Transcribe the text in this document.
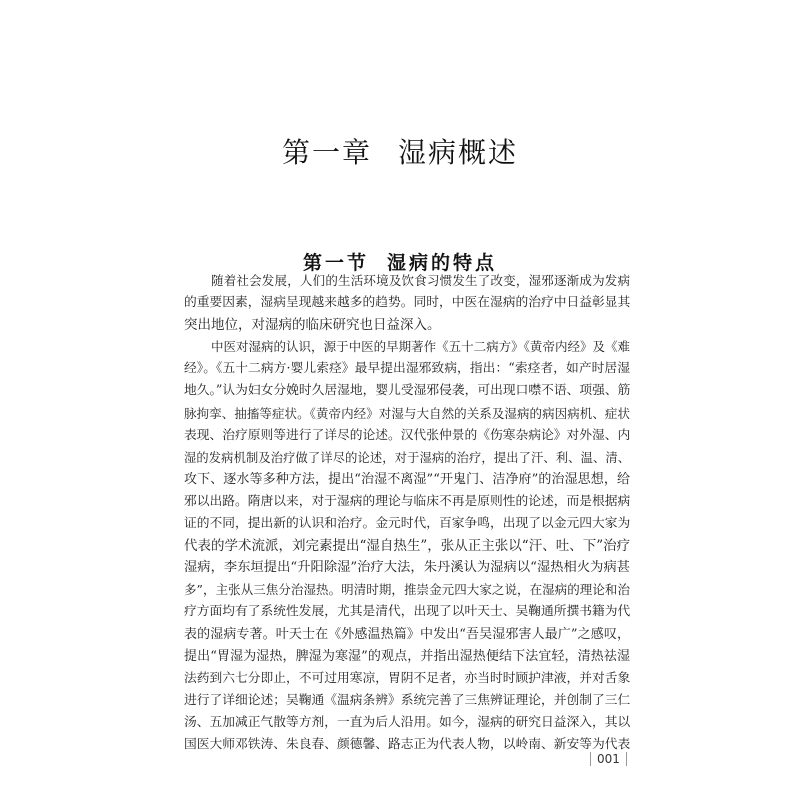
第一章 湿病概述
第一节 湿病的特点
随着社会发展，人们的生活环境及饮食习惯发生了改变，湿邪逐渐成为发病
的重要因素，湿病呈现越来越多的趋势。同时，中医在湿病的治疗中日益彰显其
突出地位，对湿病的临床研究也日益深入。
中医对湿病的认识，源于中医的早期著作《五十二病方》《黄帝内经》及《难
经》。《五十二病方·婴儿索痉》最早提出湿邪致病，指出：“索痉者，如产时居湿
地久。”认为妇女分娩时久居湿地，婴儿受湿邪侵袭，可出现口噤不语、项强、筋
脉拘挛、抽搐等症状。《黄帝内经》对湿与大自然的关系及湿病的病因病机、症状
表现、治疗原则等进行了详尽的论述。汉代张仲景的《伤寒杂病论》对外湿、内
湿的发病机制及治疗做了详尽的论述，对于湿病的治疗，提出了汗、利、温、清、
攻下、逐水等多种方法，提出“治湿不离湿”“开鬼门、洁净府”的治湿思想，给
邪以出路。隋唐以来，对于湿病的理论与临床不再是原则性的论述，而是根据病
证的不同，提出新的认识和治疗。金元时代，百家争鸣，出现了以金元四大家为
代表的学术流派，刘完素提出“湿自热生”，张从正主张以“汗、吐、下”治疗
湿病，李东垣提出“升阳除湿”治疗大法，朱丹溪认为湿病以“湿热相火为病甚
多”，主张从三焦分治湿热。明清时期，推崇金元四大家之说，在湿病的理论和治
疗方面均有了系统性发展，尤其是清代，出现了以叶天士、吴鞠通所撰书籍为代
表的湿病专著。叶天士在《外感温热篇》中发出“吾吴湿邪害人最广”之感叹，
提出“胃湿为湿热，脾湿为寒湿”的观点，并指出湿热便结下法宜轻，清热祛湿
法药到六七分即止，不可过用寒凉，胃阴不足者，亦当时时顾护津液，并对舌象
进行了详细论述；吴鞠通《温病条辨》系统完善了三焦辨证理论，并创制了三仁
汤、五加减正气散等方剂，一直为后人沿用。如今，湿病的研究日益深入，其以
国医大师邓铁涛、朱良春、颜德馨、路志正为代表人物，以岭南、新安等为代表
001
